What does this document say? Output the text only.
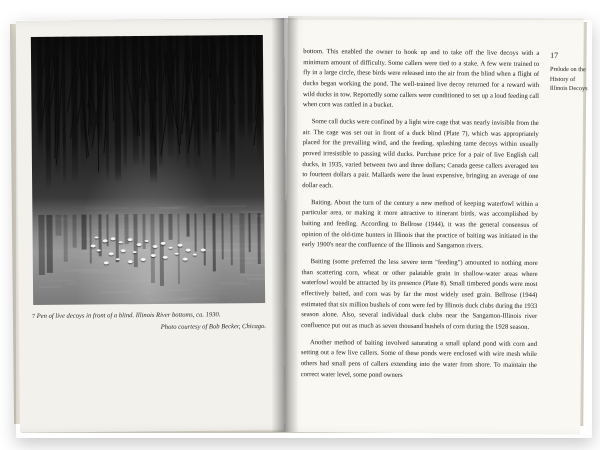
7 Pen of live decoys in front of a blind. Illinois River bottoms, ca. 1930.
Photo courtesy of Bob Becker, Chicago.

bottom. This enabled the owner to hook up and to take off the live decoys with a minimum amount of difficulty. Some callers were tied to a stake. A few were trained to fly in a large circle, these birds were released into the air from the blind when a flight of ducks began working the pond. The well-trained live decoy returned for a reward with wild ducks in tow. Reportedly some callers were conditioned to set up a loud feeding call when corn was rattled in a bucket.

Some call ducks were confined by a light wire cage that was nearly invisible from the air. The cage was set out in front of a duck blind (Plate 7), which was appropriately placed for the prevailing wind, and the feeding, splashing tame decoys within usually proved irresistible to passing wild ducks. Purchase price for a pair of live English call ducks, in 1935, varied between two and three dollars; Canada geese callers averaged ten to fourteen dollars a pair. Mallards were the least expensive, bringing an average of one dollar each.

Baiting. About the turn of the century a new method of keeping waterfowl within a particular area, or making it more attractive to itinerant birds, was accomplished by baiting and feeding. According to Bellrose (1944), it was the general consensus of opinion of the old-time hunters in Illinois that the practice of baiting was initiated in the early 1900's near the confluence of the Illinois and Sangamon rivers.

Baiting (some preferred the less severe term "feeding") amounted to nothing more than scattering corn, wheat or other palatable grain in shallow-water areas where waterfowl would be attracted by its presence (Plate 8). Small timbered ponds were most effectively baited, and corn was by far the most widely used grain. Bellrose (1944) estimated that six million bushels of corn were fed by Illinois duck clubs during the 1933 season alone. Also, several individual duck clubs near the Sangamon-Illinois river confluence put out as much as seven thousand bushels of corn during the 1928 season.

Another method of baiting involved saturating a small upland pond with corn and setting out a few live callers. Some of these ponds were enclosed with wire mesh while others had small pens of callers extending into the water from shore. To maintain the correct water level, some pond owners

17
Prelude on the History of Illinois Decoys
